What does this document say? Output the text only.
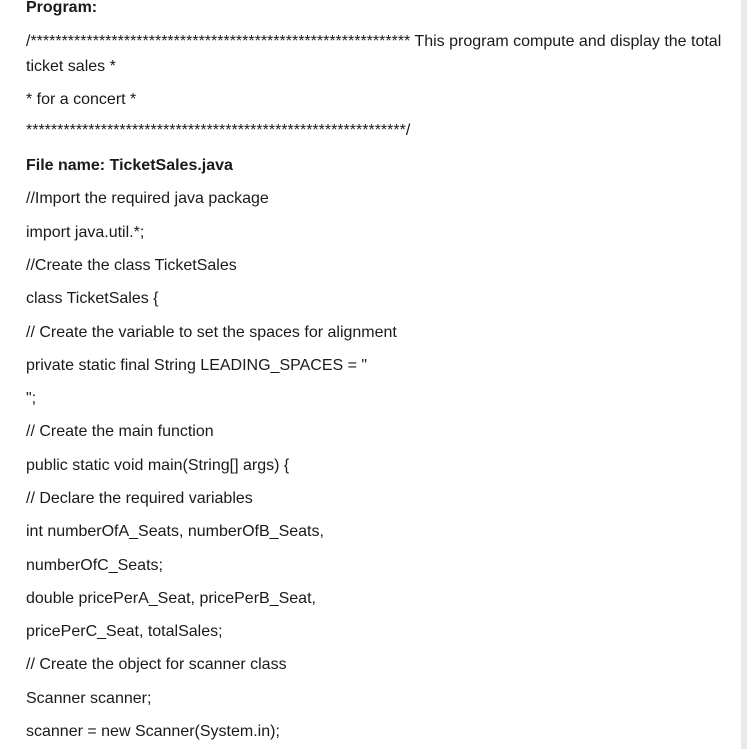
Program:
/************************************************************* This program compute and display the total
ticket sales *
* for a concert *
*************************************************************/
File name: TicketSales.java
//Import the required java package
import java.util.*;
//Create the class TicketSales
class TicketSales {
// Create the variable to set the spaces for alignment
private static final String LEADING_SPACES = "
";
// Create the main function
public static void main(String[] args) {
// Declare the required variables
int numberOfA_Seats, numberOfB_Seats,
numberOfC_Seats;
double pricePerA_Seat, pricePerB_Seat,
pricePerC_Seat, totalSales;
// Create the object for scanner class
Scanner scanner;
scanner = new Scanner(System.in);
